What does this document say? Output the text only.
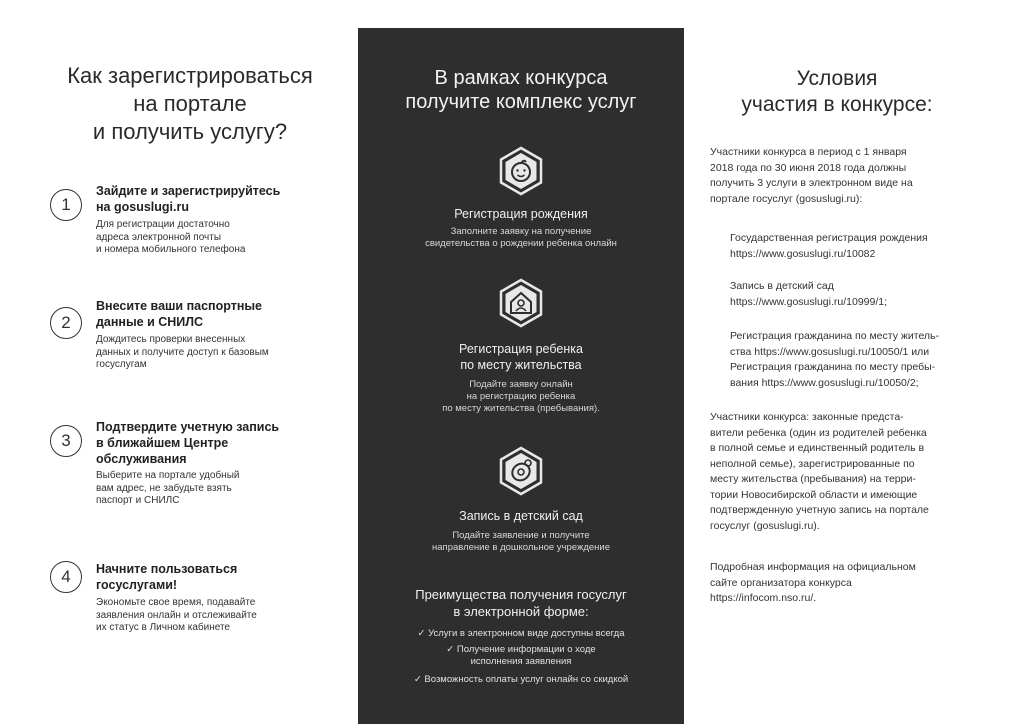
Как зарегистрироваться
на портале
и получить услугу?
1
Зайдите и зарегистрируйтесь
на gosuslugi.ru
Для регистрации достаточно
адреса электронной почты
и номера мобильного телефона
2
Внесите ваши паспортные
данные и СНИЛС
Дождитесь проверки внесенных
данных и получите доступ к базовым
госуслугам
3
Подтвердите учетную запись
в ближайшем Центре
обслуживания
Выберите на портале удобный
вам адрес, не забудьте взять
паспорт и СНИЛС
4	Начните пользоваться
госуслугами!
Экономьте свое время, подавайте
заявления онлайн и отслеживайте
их статус в Личном кабинете
В рамках конкурса
получите комплекс услуг
Регистрация рождения
Заполните заявку на получение
свидетельства о рождении ребенка онлайн
Регистрация ребенка
по месту жительства
Подайте заявку онлайн
на регистрацию ребенка
по месту жительства (пребывания).
Запись в детский сад
Подайте заявление и получите
направление в дошкольное учреждение
Преимущества получения госуслуг
в электронной форме:
✓ Услуги в электронном виде доступны всегда
✓ Получение информации о ходе
исполнения заявления
✓ Возможность оплаты услуг онлайн со скидкой
Условия
участия в конкурсе:
Участники конкурса в период с 1 января
2018 года по 30 июня 2018 года должны
получить 3 услуги в электронном виде на
портале госуслуг (gosuslugi.ru):
Государственная регистрация рождения
https://www.gosuslugi.ru/10082
Запись в детский сад
https://www.gosuslugi.ru/10999/1;
Регистрация гражданина по месту житель-
ства https://www.gosuslugi.ru/10050/1 или
Регистрация гражданина по месту пребы-
вания https://www.gosuslugi.ru/10050/2;
Участники конкурса: законные предста-
вители ребенка (один из родителей ребенка
в полной семье и единственный родитель в
неполной семье), зарегистрированные по
месту жительства (пребывания) на терри-
тории Новосибирской области и имеющие
подтвержденную учетную запись на портале
госуслуг (gosuslugi.ru).
Подробная информация на официальном
сайте организатора конкурса
https://infocom.nso.ru/.
